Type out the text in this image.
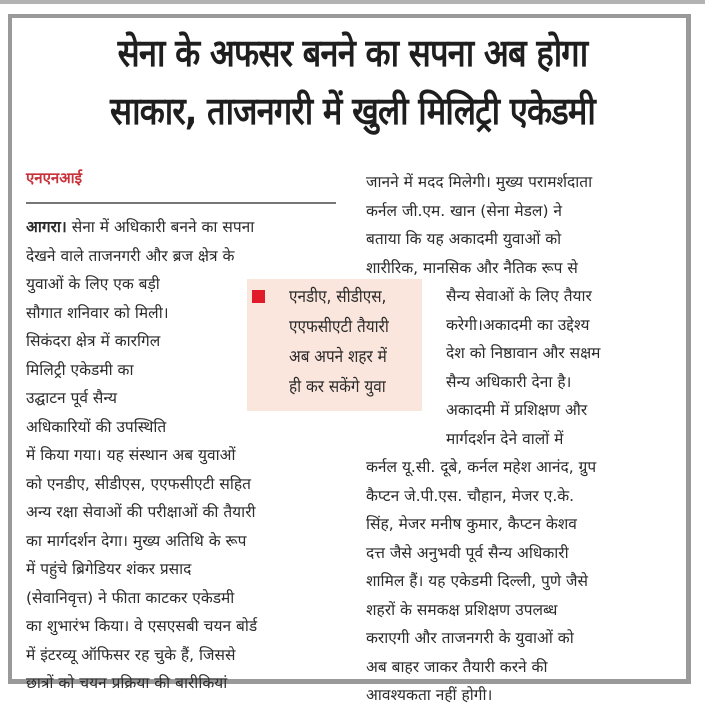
सेना के अफसर बनने का सपना अब होगा
साकार, ताजनगरी में खुली मिलिट्री एकेडमी
एनएनआई

आगरा। सेना में अधिकारी बनने का सपना

देखने वाले ताजनगरी और ब्रज क्षेत्र के

युवाओं के लिए एक बड़ी

सौगात शनिवार को मिली।

सिकंदरा क्षेत्र में कारगिल

मिलिट्री एकेडमी का

उद्घाटन पूर्व सैन्य

अधिकारियों की उपस्थिति

में किया गया। यह संस्थान अब युवाओं

को एनडीए, सीडीएस, एएफसीएटी सहित

अन्य रक्षा सेवाओं की परीक्षाओं की तैयारी

का मार्गदर्शन देगा। मुख्य अतिथि के रूप

में पहुंचे ब्रिगेडियर शंकर प्रसाद

(सेवानिवृत्त) ने फीता काटकर एकेडमी

का शुभारंभ किया। वे एसएसबी चयन बोर्ड

में इंटरव्यू ऑफिसर रह चुके हैं, जिससे

छात्रों को चयन प्रक्रिया की बारीकियां

एनडीए, सीडीएस,
एएफसीएटी तैयारी
अब अपने शहर में
ही कर सकेंगे युवा

जानने में मदद मिलेगी। मुख्य परामर्शदाता

कर्नल जी.एम. खान (सेना मेडल) ने

बताया कि यह अकादमी युवाओं को

शारीरिक, मानसिक और नैतिक रूप से

सैन्य सेवाओं के लिए तैयार

करेगी।अकादमी का उद्देश्य

देश को निष्ठावान और सक्षम

सैन्य अधिकारी देना है।

अकादमी में प्रशिक्षण और

मार्गदर्शन देने वालों में

कर्नल यू.सी. दूबे, कर्नल महेश आनंद, ग्रुप

कैप्टन जे.पी.एस. चौहान, मेजर ए.के.

सिंह, मेजर मनीष कुमार, कैप्टन केशव

दत्त जैसे अनुभवी पूर्व सैन्य अधिकारी

शामिल हैं। यह एकेडमी दिल्ली, पुणे जैसे

शहरों के समकक्ष प्रशिक्षण उपलब्ध

कराएगी और ताजनगरी के युवाओं को

अब बाहर जाकर तैयारी करने की

आवश्यकता नहीं होगी।
